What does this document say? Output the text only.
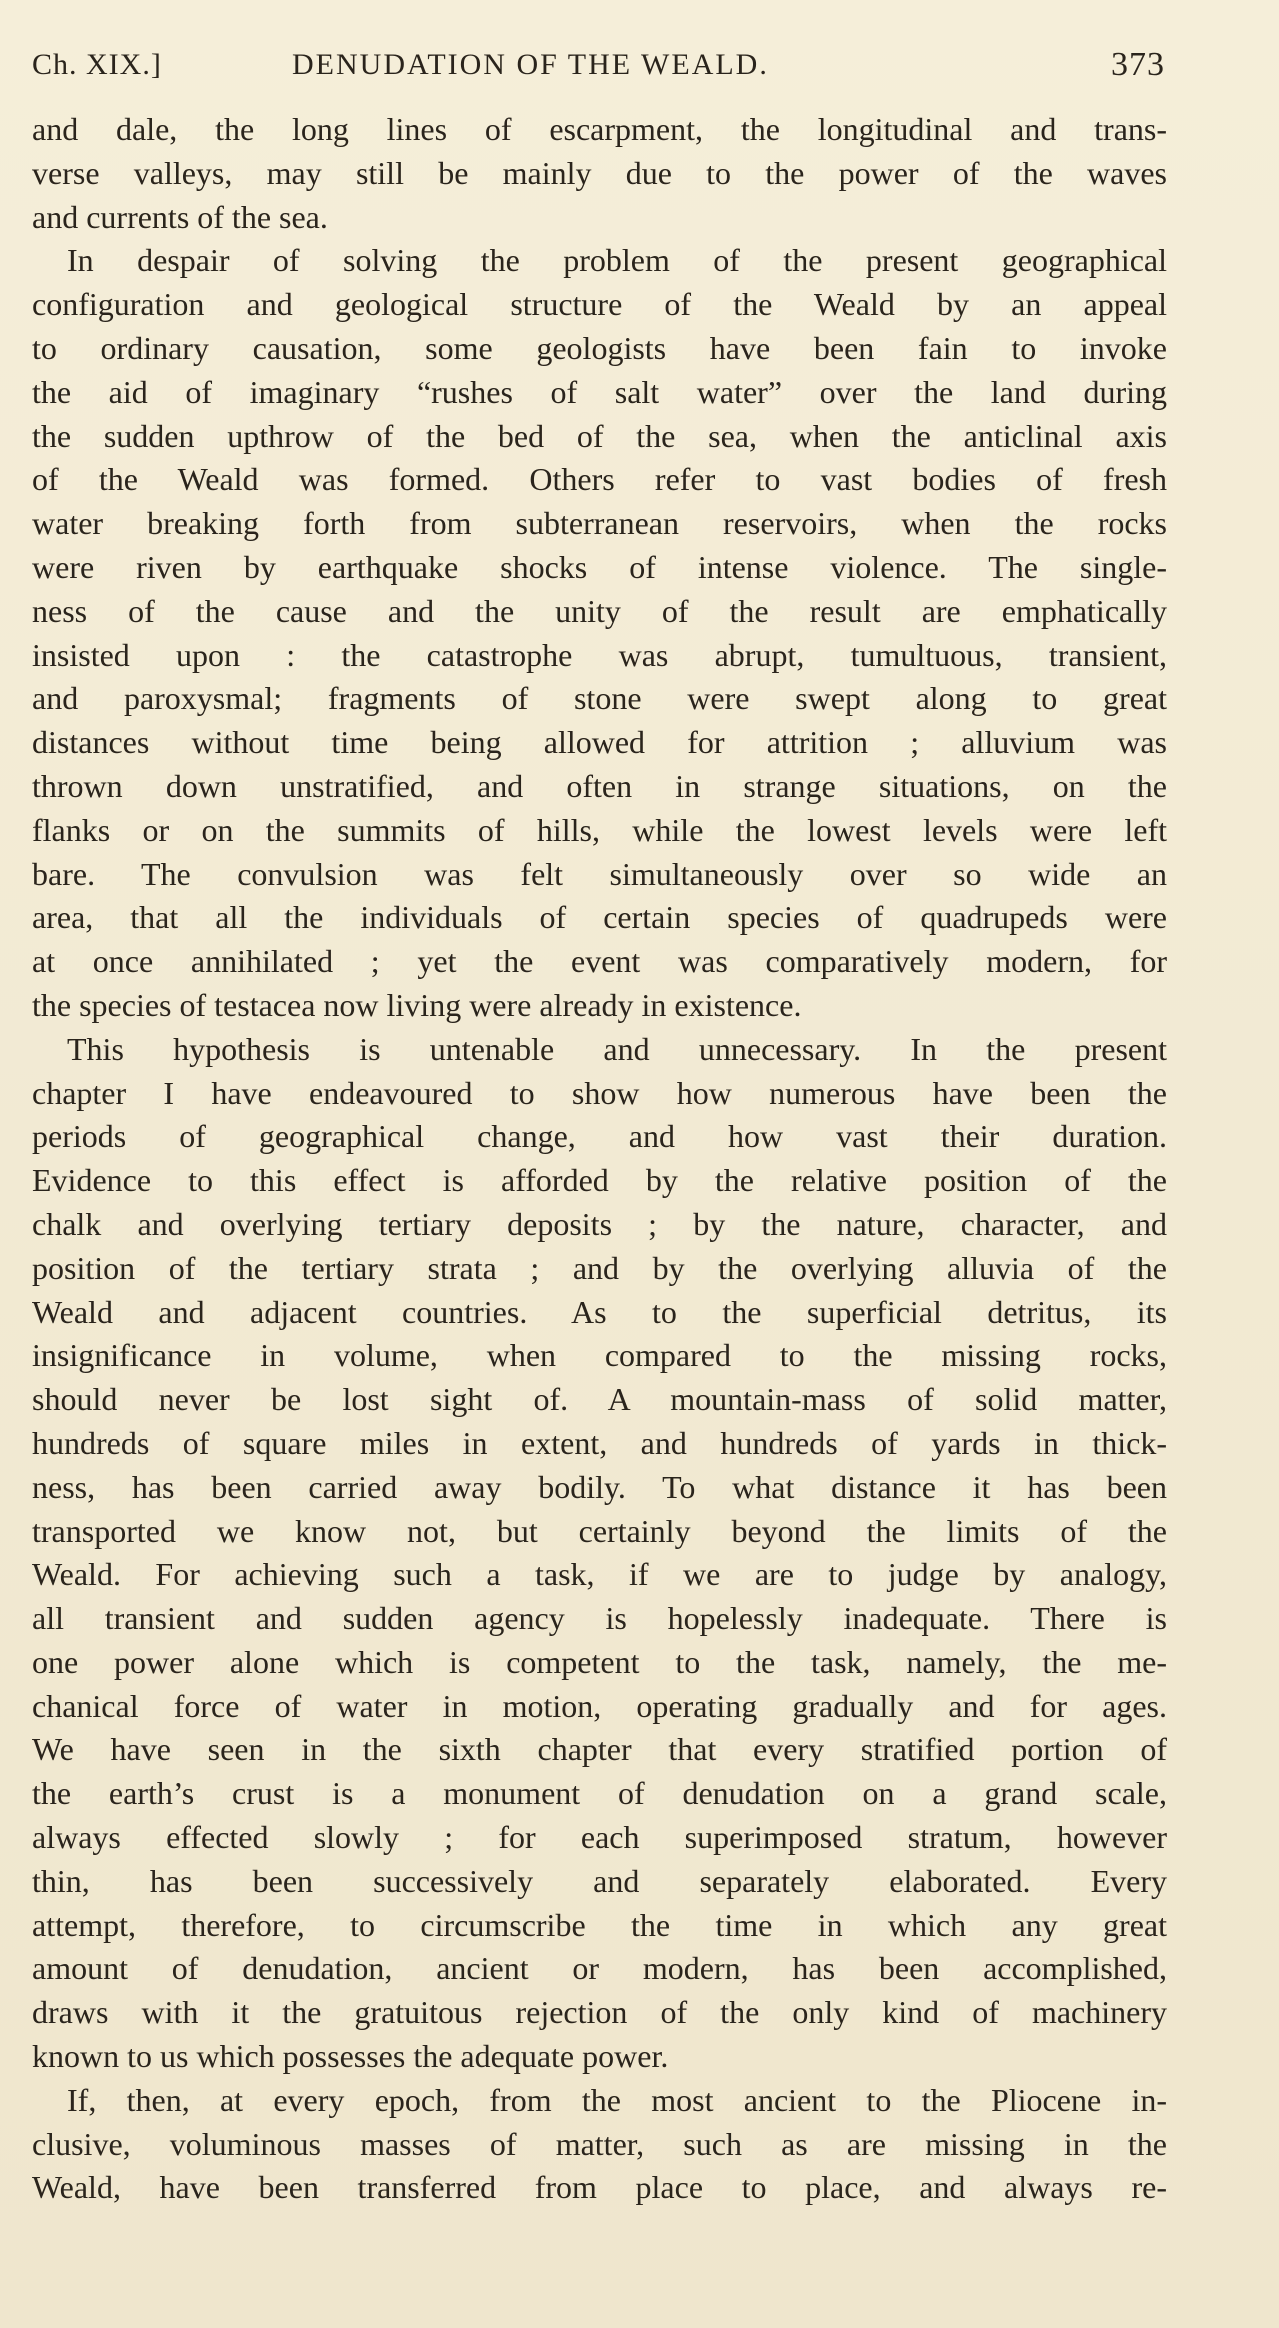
Ch. XIX.]	DENUDATION OF THE WEALD.	373
and dale, the long lines of escarpment, the longitudinal and trans-
verse valleys, may still be mainly due to the power of the waves
and currents of the sea.
In despair of solving the problem of the present geographical
configuration and geological structure of the Weald by an appeal
to ordinary causation, some geologists have been fain to invoke
the aid of imaginary “rushes of salt water” over the land during
the sudden upthrow of the bed of the sea, when the anticlinal axis
of the Weald was formed. Others refer to vast bodies of fresh
water breaking forth from subterranean reservoirs, when the rocks
were riven by earthquake shocks of intense violence. The single-
ness of the cause and the unity of the result are emphatically
insisted upon : the catastrophe was abrupt, tumultuous, transient,
and paroxysmal; fragments of stone were swept along to great
distances without time being allowed for attrition ; alluvium was
thrown down unstratified, and often in strange situations, on the
flanks or on the summits of hills, while the lowest levels were left
bare. The convulsion was felt simultaneously over so wide an
area, that all the individuals of certain species of quadrupeds were
at once annihilated ; yet the event was comparatively modern, for
the species of testacea now living were already in existence.
This hypothesis is untenable and unnecessary. In the present
chapter I have endeavoured to show how numerous have been the
periods of geographical change, and how vast their duration.
Evidence to this effect is afforded by the relative position of the
chalk and overlying tertiary deposits ; by the nature, character, and
position of the tertiary strata ; and by the overlying alluvia of the
Weald and adjacent countries. As to the superficial detritus, its
insignificance in volume, when compared to the missing rocks,
should never be lost sight of. A mountain-mass of solid matter,
hundreds of square miles in extent, and hundreds of yards in thick-
ness, has been carried away bodily. To what distance it has been
transported we know not, but certainly beyond the limits of the
Weald. For achieving such a task, if we are to judge by analogy,
all transient and sudden agency is hopelessly inadequate. There is
one power alone which is competent to the task, namely, the me-
chanical force of water in motion, operating gradually and for ages.
We have seen in the sixth chapter that every stratified portion of
the earth’s crust is a monument of denudation on a grand scale,
always effected slowly ; for each superimposed stratum, however
thin, has been successively and separately elaborated. Every
attempt, therefore, to circumscribe the time in which any great
amount of denudation, ancient or modern, has been accomplished,
draws with it the gratuitous rejection of the only kind of machinery
known to us which possesses the adequate power.
If, then, at every epoch, from the most ancient to the Pliocene in-
clusive, voluminous masses of matter, such as are missing in the
Weald, have been transferred from place to place, and always re-
